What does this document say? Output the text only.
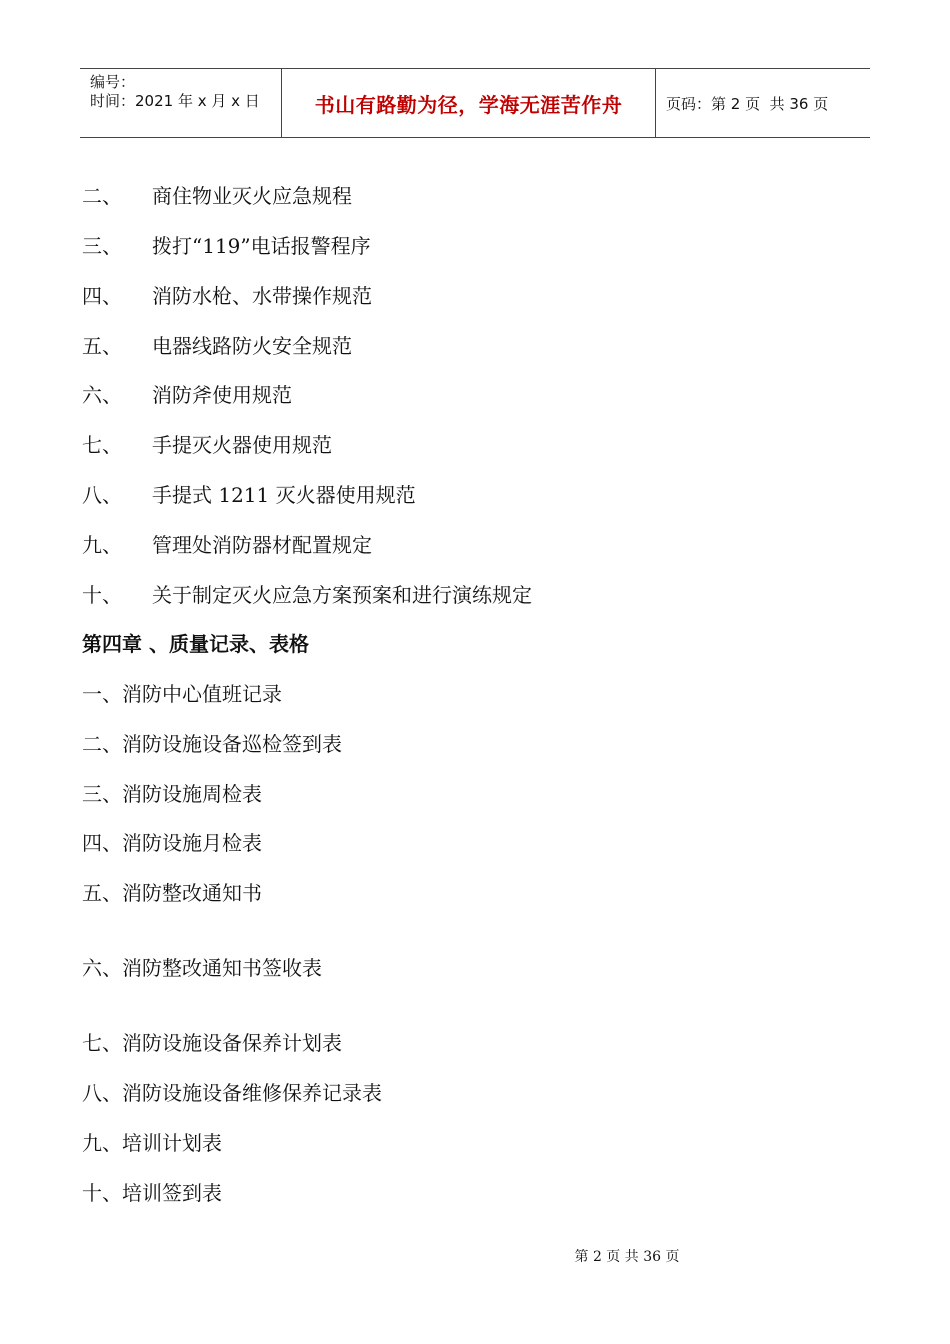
编号：
时间：2021 年 x 月 x 日	书山有路勤为径，学海无涯苦作舟	页码：第 2 页  共 36 页
二、 商住物业灭火应急规程
三、 拨打“119”电话报警程序
四、 消防水枪、水带操作规范
五、 电器线路防火安全规范
六、 消防斧使用规范
七、 手提灭火器使用规范
八、 手提式 1211 灭火器使用规范
九、 管理处消防器材配置规定
十、 关于制定灭火应急方案预案和进行演练规定
第四章 、质量记录、表格
一、消防中心值班记录
二、消防设施设备巡检签到表
三、消防设施周检表
四、消防设施月检表
五、消防整改通知书
六、消防整改通知书签收表
七、消防设施设备保养计划表
八、消防设施设备维修保养记录表
九、培训计划表
十、培训签到表
第 2 页 共 36 页
